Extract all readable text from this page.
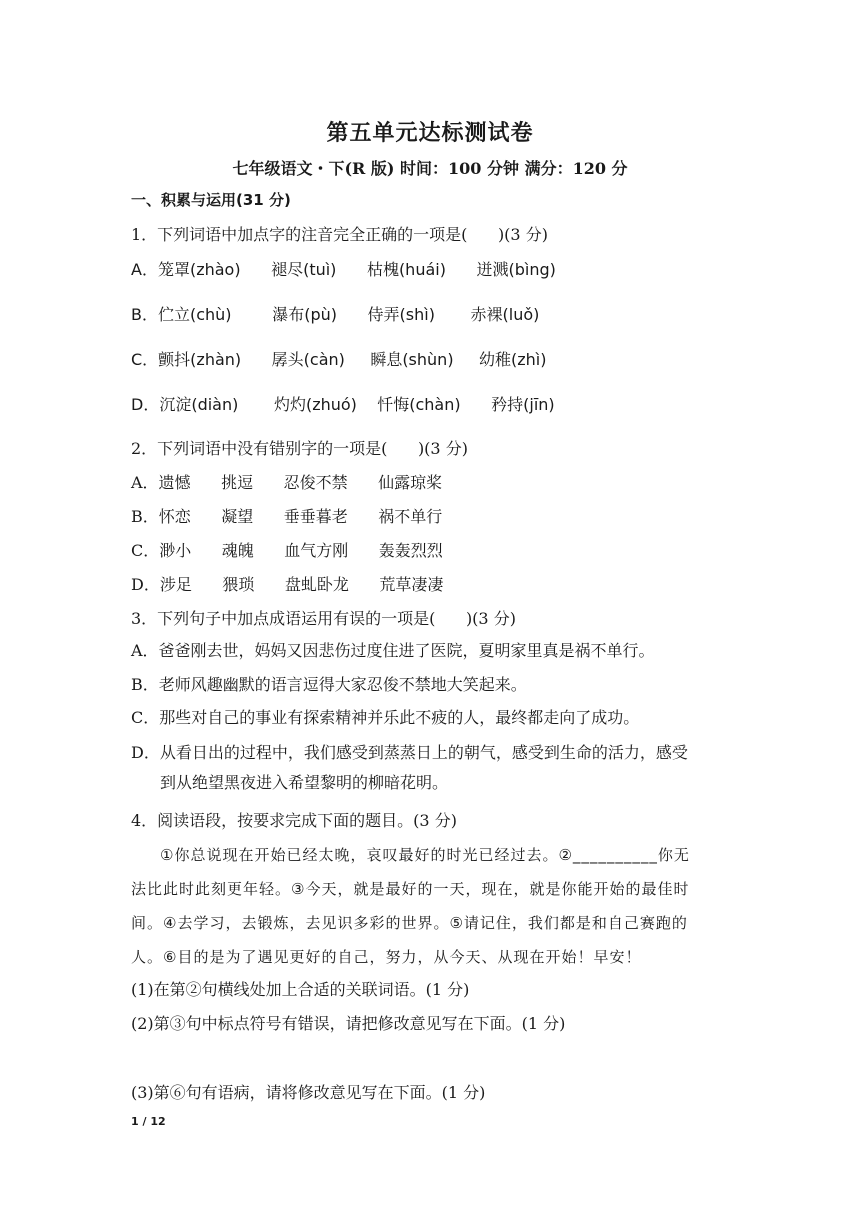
第五单元达标测试卷
七年级语文・下(R 版) 时间：100 分钟 满分：120 分
一、积累与运用(31 分)
1．下列词语中加点字的注音完全正确的一项是(      )(3 分)
A．笼罩(zhào)      褪尽(tuì)      枯槐(huái)      迸溅(bìng)
B．伫立(chù)        瀑布(pù)      侍弄(shì)       赤裸(luǒ)
C．颤抖(zhàn)      孱头(càn)     瞬息(shùn)     幼稚(zhì)
D．沉淀(diàn)       灼灼(zhuó)    忏悔(chàn)      矜持(jīn)
2．下列词语中没有错别字的一项是(      )(3 分)
A．遗憾      挑逗      忍俊不禁      仙露琼桨
B．怀恋      凝望      垂垂暮老      祸不单行
C．渺小      魂魄      血气方刚      轰轰烈烈
D．涉足      猥琐      盘虬卧龙      荒草凄凄
3．下列句子中加点成语运用有误的一项是(      )(3 分)
A．爸爸刚去世，妈妈又因悲伤过度住进了医院，夏明家里真是祸不单行。
B．老师风趣幽默的语言逗得大家忍俊不禁地大笑起来。
C．那些对自己的事业有探索精神并乐此不疲的人，最终都走向了成功。
D．从看日出的过程中，我们感受到蒸蒸日上的朝气，感受到生命的活力，感受
到从绝望黑夜进入希望黎明的柳暗花明。
4．阅读语段，按要求完成下面的题目。(3 分)
①你总说现在开始已经太晚，哀叹最好的时光已经过去。②__________你无
法比此时此刻更年轻。③今天，就是最好的一天，现在，就是你能开始的最佳时
间。④去学习，去锻炼，去见识多彩的世界。⑤请记住，我们都是和自己赛跑的
人。⑥目的是为了遇见更好的自己，努力，从今天、从现在开始！早安！
(1)在第②句横线处加上合适的关联词语。(1 分)
(2)第③句中标点符号有错误，请把修改意见写在下面。(1 分)
(3)第⑥句有语病，请将修改意见写在下面。(1 分)
1 / 12
